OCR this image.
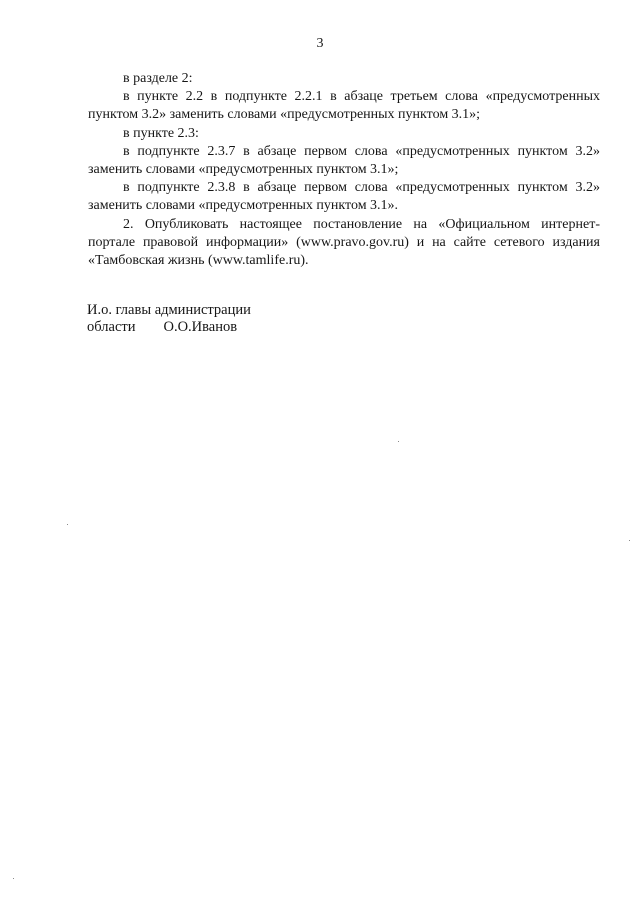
3

в разделе 2:

в пункте 2.2 в подпункте 2.2.1 в абзаце третьем слова «предусмотренных пунктом 3.2» заменить словами «предусмотренных пунктом 3.1»;

в пункте 2.3:

в подпункте 2.3.7 в абзаце первом слова «предусмотренных пунктом 3.2» заменить словами «предусмотренных пунктом 3.1»;

в подпункте 2.3.8 в абзаце первом слова «предусмотренных пунктом 3.2» заменить словами «предусмотренных пунктом 3.1».

2. Опубликовать настоящее постановление на «Официальном интернет-портале правовой информации» (www.pravo.gov.ru) и на сайте сетевого издания «Тамбовская жизнь (www.tamlife.ru).

И.о. главы администрации
области О.О.Иванов
